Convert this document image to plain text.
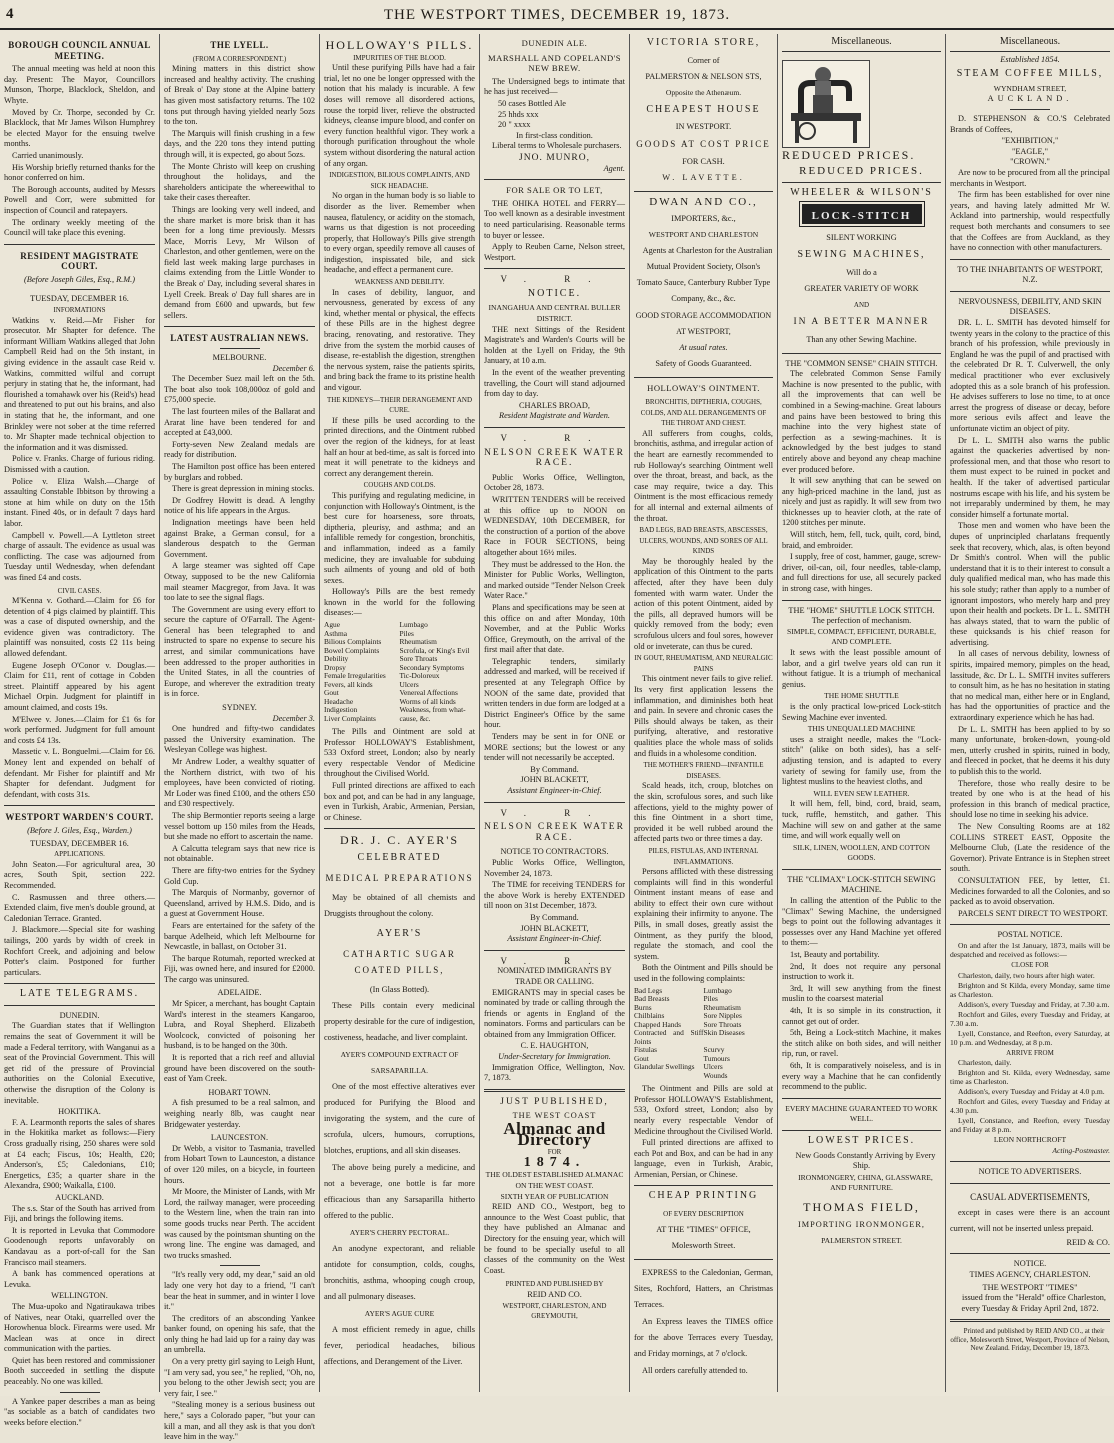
4	THE WESTPORT TIMES, DECEMBER 19, 1873.
BOROUGH COUNCIL ANNUAL MEETING.

The annual meeting was held at noon this day. Present: The Mayor, Councillors Munson, Thorpe, Blacklock, Sheldon, and Whyte.

Moved by Cr. Thorpe, seconded by Cr. Blacklock, that Mr James Wilson Humphrey be elected Mayor for the ensuing twelve months.

Carried unanimously.

His Worship briefly returned thanks for the honor conferred on him.

The Borough accounts, audited by Messrs Powell and Corr, were submitted for inspection of Council and ratepayers.

The ordinary weekly meeting of the Council will take place this evening.

RESIDENT MAGISTRATE COURT.
(Before Joseph Giles, Esq., R.M.)
TUESDAY, DECEMBER 16.
INFORMATIONS

Watkins v. Reid.—Mr Fisher for prosecutor. Mr Shapter for defence. The informant William Watkins alleged that John Campbell Reid had on the 5th instant, in giving evidence in the assault case Reid v. Watkins, committed wilful and corrupt perjury in stating that he, the informant, had flourished a tomahawk over his (Reid's) head and threatened to put out his brains, and also in stating that he, the informant, and one Brinkley were not sober at the time referred to. Mr Shapter made technical objection to the information and it was dismissed.

Police v. Franks. Charge of furious riding. Dismissed with a caution.

Police v. Eliza Walsh.—Charge of assaulting Constable Ibbitson by throwing a stone at him while on duty on the 15th instant. Fined 40s, or in default 7 days hard labor.

Campbell v. Powell.—A Lyttleton street charge of assault. The evidence as usual was conflicting. The case was adjourned from Tuesday until Wednesday, when defendant was fined £4 and costs.

CIVIL CASES.

M'Kenna v. Gothard.—Claim for £6 for detention of 4 pigs claimed by plaintiff. This was a case of disputed ownership, and the evidence given was contradictory. The plaintiff was nonsuited, costs £2 11s being allowed defendant.

Eugene Joseph O'Conor v. Douglas.—Claim for £11, rent of cottage in Cobden street. Plaintiff appeared by his agent Michael Orpin. Judgment for plaintiff in amount claimed, and costs 19s.

M'Elwee v. Jones.—Claim for £1 6s for work performed. Judgment for full amount and costs £4 13s.

Massetic v. L. Bonguelmi.—Claim for £6. Money lent and expended on behalf of defendant. Mr Fisher for plaintiff and Mr Shapter for defendant. Judgment for defendant, with costs 31s.

WESTPORT WARDEN'S COURT.
(Before J. Giles, Esq., Warden.)
TUESDAY, DECEMBER 16.
APPLICATIONS.

John Seaton.—For agricultural area, 30 acres, South Spit, section 222. Recommended.

C. Rasmussen and three others.—Extended claim, five men's double ground, at Caledonian Terrace. Granted.

J. Blackmore.—Special site for washing tailings, 200 yards by width of creek in Rochfort Creek, and adjoining and below Potter's claim. Postponed for further particulars.

LATE TELEGRAMS.
DUNEDIN.

The Guardian states that if Wellington remains the seat of Government it will be made a Federal territory, with Wanganui as a seat of the Provincial Government. This will get rid of the pressure of Provincial authorities on the Colonial Executive, otherwise the disruption of the Colony is inevitable.

HOKITIKA.

F. A. Learmonth reports the sales of shares in the Hokitika market as follows:—Fiery Cross gradually rising, 250 shares were sold at £4 each; Fiscus, 10s; Health, £20; Anderson's, £5; Caledonians, £10; Energetics, £35; a quarter share in the Alexandra, £900; Waikalla, £100.

AUCKLAND.

The s.s. Star of the South has arrived from Fiji, and brings the following items.

It is reported in Levuka that Commodore Goodenough reports unfavorably on Kandavau as a port-of-call for the San Francisco mail steamers.

A bank has commenced operations at Levuka.

WELLINGTON.

The Mua-upoko and Ngatiraukawa tribes of Natives, near Otaki, quarrelled over the Horowhenua block. Firearms were used. Mr Maclean was at once in direct communication with the parties.

Quiet has been restored and commissioner Booth succeeded in settling the dispute peaceably. No one was killed.

A Yankee paper describes a man as being "as sociable as a batch of candidates two weeks before election."

THE LYELL.
(FROM A CORRESPONDENT.)

Mining matters in this district show increased and healthy activity. The crushing of Break o' Day stone at the Alpine battery has given most satisfactory returns. The 102 tons put through having yielded nearly 5ozs to the ton.

The Marquis will finish crushing in a few days, and the 220 tons they intend putting through will, it is expected, go about 5ozs.

The Monte Christo will keep on crushing throughout the holidays, and the shareholders anticipate the whereewithal to take their cases thereafter.

Things are looking very well indeed, and the share market is more brisk than it has been for a long time previously. Messrs Mace, Morris Levy, Mr Wilson of Charleston, and other gentlemen, were on the field last week making large purchases in claims extending from the Little Wonder to the Break o' Day, including several shares in Lyell Creek. Break o' Day full shares are in demand from £600 and upwards, but few sellers.

LATEST AUSTRALIAN NEWS.
MELBOURNE.
December 6.

The December Suez mail left on the 5th. The boat also took 108,000oz of gold and £75,000 specie.

The last fourteen miles of the Ballarat and Ararat line have been tendered for and accepted at £43,000.

Forty-seven New Zealand medals are ready for distribution.

The Hamilton post office has been entered by burglars and robbed.

There is great depression in mining stocks.

Dr Godfrey Howitt is dead. A lengthy notice of his life appears in the Argus.

Indignation meetings have been held against Brake, a German consul, for a slanderous despatch to the German Government.

A large steamer was sighted off Cape Otway, supposed to be the new California mail steamer Macgregor, from Java. It was too late to see the signal flags.

The Government are using every effort to secure the capture of O'Farrall. The Agent-General has been telegraphed to and instructed to spare no expense to secure his arrest, and similar communications have been addressed to the proper authorities in the United States, in all the countries of Europe, and wherever the extradition treaty is in force.

SYDNEY.
December 3.

One hundred and fifty-two candidates passed the University examination. The Wesleyan College was highest.

Mr Andrew Loder, a wealthy squatter of the Northern district, with two of his employees, have been convicted of rioting. Mr Loder was fined £100, and the others £50 and £30 respectively.

The ship Bermontier reports seeing a large vessel bottom up 150 miles from the Heads, but she made no effort to ascertain the name.

A Calcutta telegram says that new rice is not obtainable.

There are fifty-two entries for the Sydney Gold Cup.

The Marquis of Normanby, governor of Queensland, arrived by H.M.S. Dido, and is a guest at Government House.

Fears are entertained for the safety of the barque Adelheid, which left Melbourne for Newcastle, in ballast, on October 31.

The barque Rotumah, reported wrecked at Fiji, was owned here, and insured for £2000. The cargo was uninsured.

ADELAIDE.

Mr Spicer, a merchant, has bought Captain Ward's interest in the steamers Kangaroo, Lubra, and Royal Shepherd. Elizabeth Woolcock, convicted of poisoning her husband, is to be hanged on the 30th.

It is reported that a rich reef and alluvial ground have been discovered on the south-east of Yam Creek.

HOBART TOWN.

A fish presumed to be a real salmon, and weighing nearly 8lb, was caught near Bridgewater yesterday.

LAUNCESTON.

Dr Webb, a visitor to Tasmania, travelled from Hobart Town to Launceston, a distance of over 120 miles, on a bicycle, in fourteen hours.

Mr Moore, the Minister of Lands, with Mr Lord, the railway manager, were proceeding to the Western line, when the train ran into some goods trucks near Perth. The accident was caused by the pointsman shunting on the wrong line. The engine was damaged, and two trucks smashed.

"It's really very odd, my dear," said an old lady one very hot day to a friend, "I can't bear the heat in summer, and in winter I love it."

The creditors of an absconding Yankee banker found, on opening his safe, that the only thing he had laid up for a rainy day was an umbrella.

On a very pretty girl saying to Leigh Hunt, "I am very sad, you see," he replied, "Oh, no, you belong to the other Jewish sect; you are very fair, I see."

"Stealing money is a serious business out here," says a Colorado paper, "but your can kill a man, and all they ask is that you don't leave him in the way."

HOLLOWAY'S PILLS.
IMPURITIES OF THE BLOOD.

Until these purifying Pills have had a fair trial, let no one be longer oppressed with the notion that his malady is incurable. A few doses will remove all disordered actions, rouse the torpid liver, relieve the obstructed kidneys, cleanse impure blood, and confer on every function healthful vigor. They work a thorough purification throughout the whole system without disordering the natural action of any organ.

INDIGESTION, BILIOUS COMPLAINTS, AND SICK HEADACHE.

No organ in the human body is so liable to disorder as the liver. Remember when nausea, flatulency, or acidity on the stomach, warns us that digestion is not proceeding properly, that Holloway's Pills give strength to every organ, speedily remove all causes of indigestion, inspissated bile, and sick headache, and effect a permanent cure.

WEAKNESS AND DEBILITY.

In cases of debility, languor, and nervousness, generated by excess of any kind, whether mental or physical, the effects of these Pills are in the highest degree bracing, renovating, and restorative. They drive from the system the morbid causes of disease, re-establish the digestion, strengthen the nervous system, raise the patients spirits, and bring back the frame to its pristine health and vigour.

THE KIDNEYS—THEIR DERANGEMENT AND CURE.

If these pills be used according to the printed directions, and the Ointment rubbed over the region of the kidneys, for at least half an hour at bed-time, as salt is forced into meat it will penetrate to the kidneys and correct any derangement therein.

COUGHS AND COLDS.

This purifying and regulating medicine, in conjunction with Holloway's Ointment, is the best cure for hoarseness, sore throats, diptheria, pleurisy, and asthma; and an infallible remedy for congestion, bronchitis, and inflammation, indeed as a family medicine, they are invaluable for subduing such ailments of young and old of both sexes.

Holloway's Pills are the best remedy known in the world for the following diseases:—

Ague	Lumbago
Asthma	Piles
Bilious Complaints	Rheumatism
Bowel Complaints	Scrofula, or King's Evil
Debility	Sore Throats
Dropsy	Secondary Symptoms
Female Irregularities	Tic-Doloreux
Fevers, all kinds	Ulcers
Gout	Venereal Affections
Headache	Worms of all kinds
Indigestion	Weakness, from what-
Liver Complaints	cause, &c.

The Pills and Ointment are sold at Professor HOLLOWAY'S Establishment, 533 Oxford street, London; also by nearly every respectable Vendor of Medicine throughout the Civilised World.

Full printed directions are affixed to each box and pot, and can be had in any language, even in Turkish, Arabic, Armenian, Persian, or Chinese.

DR. J. C. AYER'S
CELEBRATED
MEDICAL PREPARATIONS

May be obtained of all chemists and Druggists throughout the colony.

AYER'S
CATHARTIC SUGAR COATED PILLS,
(In Glass Botted).

These Pills contain every medicinal property desirable for the cure of indigestion, costiveness, headache, and liver complaint.

AYER'S COMPOUND EXTRACT OF SARSAPARILLA.

One of the most effective alteratives ever produced for Purifying the Blood and invigorating the system, and the cure of scrofula, ulcers, humours, corruptions, blotches, eruptions, and all skin diseases.

The above being purely a medicine, and not a beverage, one bottle is far more efficacious than any Sarsaparilla hitherto offered to the public.

AYER'S CHERRY PECTORAL.

An anodyne expectorant, and reliable antidote for consumption, colds, coughs, bronchitis, asthma, whooping cough croup, and all pulmonary diseases.

AYER'S AGUE CURE

A most efficient remedy in ague, chills fever, periodical headaches, bilious affections, and Derangement of the Liver.

DUNEDIN ALE.
MARSHALL AND COPELAND'S NEW BREW.

The Undersigned begs to intimate that he has just received—

50 cases Bottled Ale
25 hhds xxx
20 " xxxx
In first-class condition.

Liberal terms to Wholesale purchasers.

JNO. MUNRO,
Agent.
FOR SALE OR TO LET,

THE OHIKA HOTEL and FERRY—Too well known as a desirable investment to need particularising. Reasonable terms to buyer or lessee.

Apply to Reuben Carne, Nelson street, Westport.

V. R.
NOTICE.
INANGAHUA AND CENTRAL BULLER DISTRICT.

THE next Sittings of the Resident Magistrate's and Warden's Courts will be holden at the Lyell on Friday, the 9th January, at 10 a.m.

In the event of the weather preventing travelling, the Court will stand adjourned from day to day.

CHARLES BROAD,
Resident Magistrate and Warden.
V. R.
NELSON CREEK WATER RACE.

Public Works Office, Wellington, October 28, 1873.

WRITTEN TENDERS will be received at this office up to NOON on WEDNESDAY, 10th DECEMBER, for the construction of a portion of the above Race in FOUR SECTIONS, being altogether about 16½ miles.

They must be addressed to the Hon. the Minister for Public Works, Wellington, and marked outside "Tender Nelson Creek Water Race."

Plans and specifications may be seen at this office on and after Monday, 10th November, and at the Public Works Office, Greymouth, on the arrival of the first mail after that date.

Telegraphic tenders, similarly addressed and marked, will be received if presented at any Telegraph Office by NOON of the same date, provided that written tenders in due form are lodged at a District Engineer's Office by the same hour.

Tenders may be sent in for ONE or MORE sections; but the lowest or any tender will not necessarily be accepted.

By Command.
JOHN BLACKETT,
Assistant Engineer-in-Chief.
V. R.
NELSON CREEK WATER RACE.
NOTICE TO CONTRACTORS.

Public Works Office, Wellington, November 24, 1873.

The TIME for receiving TENDERS for the above Work is hereby EXTENDED till noon on 31st December, 1873.

By Command.
JOHN BLACKETT,
Assistant Engineer-in-Chief.
V. R.
NOMINATED IMMIGRANTS BY TRADE OR CALLING.

EMIGRANTS may in special cases be nominated by trade or calling through the friends or agents in England of the nominators. Forms and particulars can be obtained from any Immigration Officer.

C. E. HAUGHTON,
Under-Secretary for Immigration.

Immigration Office, Wellington, Nov. 7, 1873.

JUST PUBLISHED,
THE WEST COAST
Almanac and Directory
FOR
1874.
THE OLDEST ESTABLISHED ALMANAC ON THE WEST COAST.
SIXTH YEAR OF PUBLICATION

REID AND CO., Westport, beg to announce to the West Coast public, that they have published an Almanac and Directory for the ensuing year, which will be found to be specially useful to all classes of the community on the West Coast.

PRINTED AND PUBLISHED BY
REID AND CO.
WESTPORT, CHARLESTON, AND GREYMOUTH,
VICTORIA STORE,
Corner of
PALMERSTON & NELSON STS,
Opposite the Athenæum.
CHEAPEST HOUSE
IN WESTPORT.
GOODS AT COST PRICE
FOR CASH.
W. LAVETTE.
DWAN AND CO.,
IMPORTERS, &c.,
WESTPORT AND CHARLESTON

Agents at Charleston for the Australian Mutual Provident Society, Olson's Tomato Sauce, Canterbury Rubber Type Company, &c., &c.

GOOD STORAGE ACCOMMODATION AT WESTPORT,
At usual rates.
Safety of Goods Guaranteed.
HOLLOWAY'S OINTMENT.
BRONCHITIS, DIPTHERIA, COUGHS, COLDS, AND ALL DERANGEMENTS OF THE THROAT AND CHEST.

All sufferers from coughs, colds, bronchitis, asthma, and irregular action of the heart are earnestly recommended to rub Holloway's searching Ointment well over the throat, breast, and back, as the case may require, twice a day. This Ointment is the most efficacious remedy for all internal and external ailments of the throat.

BAD LEGS, BAD BREASTS, ABSCESSES, ULCERS, WOUNDS, AND SORES OF ALL KINDS

May be thoroughly healed by the application of this Ointment to the parts affected, after they have been duly fomented with warm water. Under the action of this potent Ointment, aided by the pills, all depraved humors will be quickly removed from the body; even scrofulous ulcers and foul sores, however old or inveterate, can thus be cured.

IN GOUT, RHEUMATISM, AND NEURALGIC PAINS

This ointment never fails to give relief. Its very first application lessens the inflammation, and diminishes both heat and pain. In severe and chronic cases the Pills should always be taken, as their purifying, alterative, and restorative qualities place the whole mass of solids and fluids in a wholesome condition.

THE MOTHER'S FRIEND—INFANTILE DISEASES.

Scald heads, itch, croup, blotches on the skin, scrofulous sores, and such like affections, yield to the mighty power of this fine Ointment in a short time, provided it be well rubbed around the affected parts two or three times a day.

PILES, FISTULAS, AND INTERNAL INFLAMMATIONS.

Persons afflicted with these distressing complaints will find in this wonderful Ointment instant means of ease and ability to effect their own cure without explaining their infirmity to anyone. The Pills, in small doses, greatly assist the Ointment, as they purify the blood, regulate the stomach, and cool the system.

Both the Ointment and Pills should be used in the following complaints:

Bad Legs	Lumbago
Bad Breasts	Piles
Burns	Rheumatism
Chilblains	Sore Nipples
Chapped Hands	Sore Throats
Contracted and Stiff Joints
Skin Diseases
Fistulas	Scurvy
Gout	Tumours
Glandular Swellings	Ulcers
Wounds

The Ointment and Pills are sold at Professor HOLLOWAY'S Establishment, 533, Oxford street, London; also by nearly every respectable Vendor of Medicine throughout the Civilised World.

Full printed directions are affixed to each Pot and Box, and can be had in any language, even in Turkish, Arabic, Armenian, Persian, or Chinese.

CHEAP PRINTING
OF EVERY DESCRIPTION
AT THE "TIMES" OFFICE,
Molesworth Street.

EXPRESS to the Caledonian, German, Sites, Rochford, Hatters, an Christmas Terraces.

An Express leaves the TIMES office for the above Terraces every Tuesday, and Friday mornings, at 7 o'clock.

All orders carefully attended to.

Miscellaneous.
REDUCED PRICES.
REDUCED PRICES.
WHEELER & WILSON'S
LOCK-STITCH
SILENT WORKING
SEWING MACHINES,
Will do a
GREATER VARIETY OF WORK
AND
IN A BETTER MANNER
Than any other Sewing Machine.
THE "COMMON SENSE" CHAIN STITCH.

The celebrated Common Sense Family Machine is now presented to the public, with all the improvements that can well be combined in a Sewing-machine. Great labours and pains have been bestowed to bring this machine into the very highest state of perfection as a sewing-machines. It is acknowledged by the best judges to stand entirely above and beyond any cheap machine ever produced before.

It will sew anything that can be sewed on any high-priced machine in the land, just as nicely and just as rapidly. It will sew from two thicknesses up to heavier cloth, at the rate of 1200 stitches per minute.

Will stitch, hem, fell, tuck, quilt, cord, bind, braid, and embroider.

I supply, free of cost, hammer, gauge, screw-driver, oil-can, oil, four needles, table-clamp, and full directions for use, all securely packed in strong case, with hinges.

THE "HOME" SHUTTLE LOCK STITCH.
The perfection of mechanism.
SIMPLE, COMPACT, EFFICIENT, DURABLE, AND COMPLETE.

It sews with the least possible amount of labor, and a girl twelve years old can run it without fatigue. It is a triumph of mechanical genius.

THE HOME SHUTTLE

is the only practical low-priced Lock-stitch Sewing Machine ever invented.

THIS UNEQUALLED MACHINE

uses a straight needle, makes the "Lock-stitch" (alike on both sides), has a self-adjusting tension, and is adapted to every variety of sewing for family use, from the lightest muslins to the heaviest cloths, and

WILL EVEN SEW LEATHER.

It will hem, fell, bind, cord, braid, seam, tuck, ruffle, hemstitch, and gather. This Machine will sew on and gather at the same time, and will work equally well on

SILK, LINEN, WOOLLEN, AND COTTON GOODS.
THE "CLIMAX" LOCK-STITCH SEWING MACHINE.

In calling the attention of the Public to the "Climax" Sewing Machine, the undersigned begs to point out the following advantages it possesses over any Hand Machine yet offered to them:—

1st, Beauty and portability.

2nd, It does not require any personal instruction to work it.

3rd, It will sew anything from the finest muslin to the coarsest material

4th, It is so simple in its construction, it cannot get out of order.

5th, Being a Lock-stitch Machine, it makes the stitch alike on both sides, and will neither rip, run, or ravel.

6th, It is comparatively noiseless, and is in every way a Machine that he can confidently recommend to the public.

EVERY MACHINE GUARANTEED TO WORK WELL.
LOWEST PRICES.

New Goods Constantly Arriving by Every Ship.

IRONMONGERY, CHINA, GLASSWARE, AND FURNITURE.

THOMAS FIELD,
IMPORTING IRONMONGER,
PALMERSTON STREET.
Miscellaneous.
Established 1854.
STEAM COFFEE MILLS,
WYNDHAM STREET,
AUCKLAND.

D. STEPHENSON & CO.'S Celebrated Brands of Coffees,

"EXHIBITION,"
"EAGLE,"
"CROWN."

Are now to be procured from all the principal merchants in Westport.

The firm has been established for over nine years, and having lately admitted Mr W. Ackland into partnership, would respectfully request both merchants and consumers to see that the Coffees are from Auckland, as they have no connection with other manufacturers.

TO THE INHABITANTS OF WESTPORT, N.Z.
NERVOUSNESS, DEBILITY, AND SKIN DISEASES.

DR. L. L. SMITH has devoted himself for twenty years in the colony to the practice of this branch of his profession, while previously in England he was the pupil of and practised with the celebrated Dr R. T. Culverwell, the only medical practitioner who ever exclusively adopted this as a sole branch of his profession. He advises sufferers to lose no time, to at once arrest the progress of disease or decay, before more serious evils affect and leave the unfortunate victim an object of pity.

Dr L. L. SMITH also warns the public against the quackeries advertised by non-professional men, and that those who resort to them must expect to be ruined in pocket and health. If the taker of advertised particular nostrums escape with his life, and his system be not irreparably undermined by them, he may consider himself a fortunate mortal.

Those men and women who have been the dupes of unprincipled charlatans frequently seek that recovery, which, alas, is often beyond Dr Smith's control. When will the public understand that it is to their interest to consult a duly qualified medical man, who has made this his sole study; rather than apply to a number of ignorant impostors, who merely harp and prey upon their health and pockets. Dr L. L. SMITH has always stated, that to warn the public of these quicksands is his chief reason for advertising.

In all cases of nervous debility, lowness of spirits, impaired memory, pimples on the head, lassitude, &c. Dr L. L. SMITH invites sufferers to consult him, as he has no hesitation in stating that no medical man, either here or in England, has had the opportunities of practice and the extraordinary experience which he has had.

Dr L. L. SMITH has been applied to by so many unfortunate, broken-down, young-old men, utterly crushed in spirits, ruined in body, and fleeced in pocket, that he deems it his duty to publish this to the world.

Therefore, those who really desire to be treated by one who is at the head of his profession in this branch of medical practice, should lose no time in seeking his advice.

The New Consulting Rooms are at 182 COLLINS STREET EAST, Opposite the Melbourne Club, (Late the residence of the Governor). Private Entrance is in Stephen street south.

CONSULTATION FEE, by letter, £1. Medicines forwarded to all the Colonies, and so packed as to avoid observation.

PARCELS SENT DIRECT TO WESTPORT.

POSTAL NOTICE.

On and after the 1st January, 1873, mails will be despatched and received as follows:—

CLOSE FOR

Charleston, daily, two hours after high water.

Brighton and St Kilda, every Monday, same time as Charleston.

Addison's, every Tuesday and Friday, at 7.30 a.m.

Rochfort and Giles, every Tuesday and Friday, at 7.30 a.m.

Lyell, Constance, and Reefton, every Saturday, at 10 p.m. and Wednesday, at 8 p.m.

ARRIVE FROM

Charleston, daily.

Brighton and St. Kilda, every Wednesday, same time as Charleston.

Addison's, every Tuesday and Friday at 4.0 p.m.

Rochfort and Giles, every Tuesday and Friday at 4.30 p.m.

Lyell, Constance, and Reefton, every Tuesday and Friday at 8 p.m.

LEON NORTHCROFT
Acting-Postmaster.
NOTICE TO ADVERTISERS.
CASUAL ADVERTISEMENTS,

except in cases were there is an account current, will not be inserted unless prepaid.

REID & CO.
NOTICE.
TIMES AGENCY, CHARLESTON.
THE WESTPORT "TIMES"

issued from the "Herald" office Charleston, every Tuesday & Friday April 2nd, 1872.

Printed and published by REID AND CO., at their office, Molesworth Street, Westport, Province of Nelson, New Zealand. Friday, December 19, 1873.
